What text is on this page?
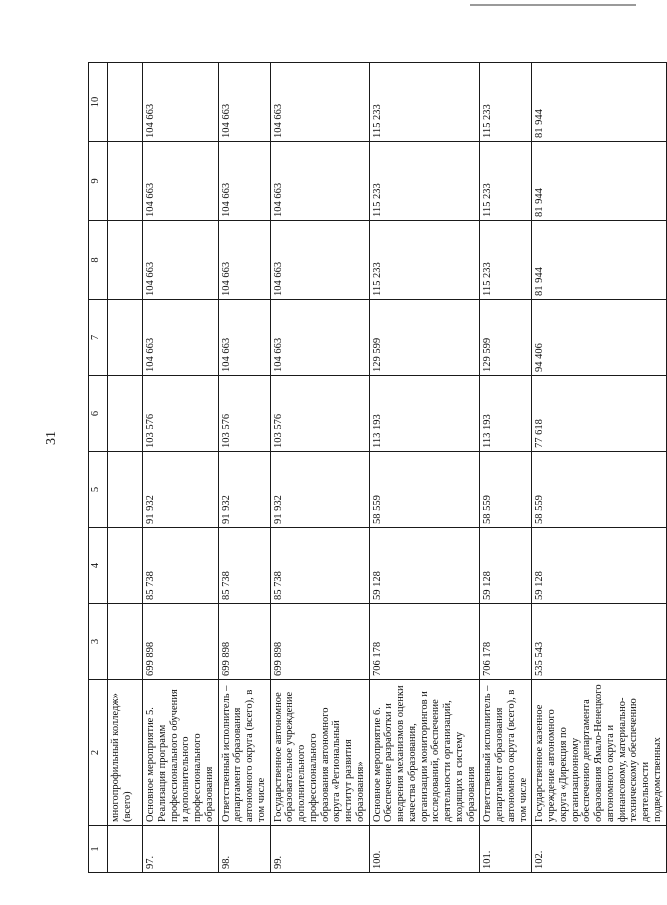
31
1	2	3	4	5	6	7	8	9	10
	многопрофильный колледж» (всего)								
97.	Основное мероприятие 5. Реализация программ профессионального обучения и дополнительного профессионального образования	699 898	85 738	91 932	103 576	104 663	104 663	104 663	104 663
98.	Ответственный исполнитель – департамент образования автономного округа (всего), в том числе	699 898	85 738	91 932	103 576	104 663	104 663	104 663	104 663
99.	Государственное автономное образовательное учреждение дополнительного профессионального образования автономного округа «Региональный институт развития образования»	699 898	85 738	91 932	103 576	104 663	104 663	104 663	104 663
100.	Основное мероприятие 6. Обеспечение разработки и внедрения механизмов оценки качества образования, организации мониторингов и исследований, обеспечение деятельности организаций, входящих в систему образования	706 178	59 128	58 559	113 193	129 599	115 233	115 233	115 233
101.	Ответственный исполнитель – департамент образования автономного округа (всего), в том числе	706 178	59 128	58 559	113 193	129 599	115 233	115 233	115 233
102.	Государственное казенное учреждение автономного округа «Дирекция по организационному обеспечению департамента образования Ямало-Ненецкого автономного округа и финансовому, материально-техническому обеспечению деятельности подведомственных	535 543	59 128	58 559	77 618	94 406	81 944	81 944	81 944
